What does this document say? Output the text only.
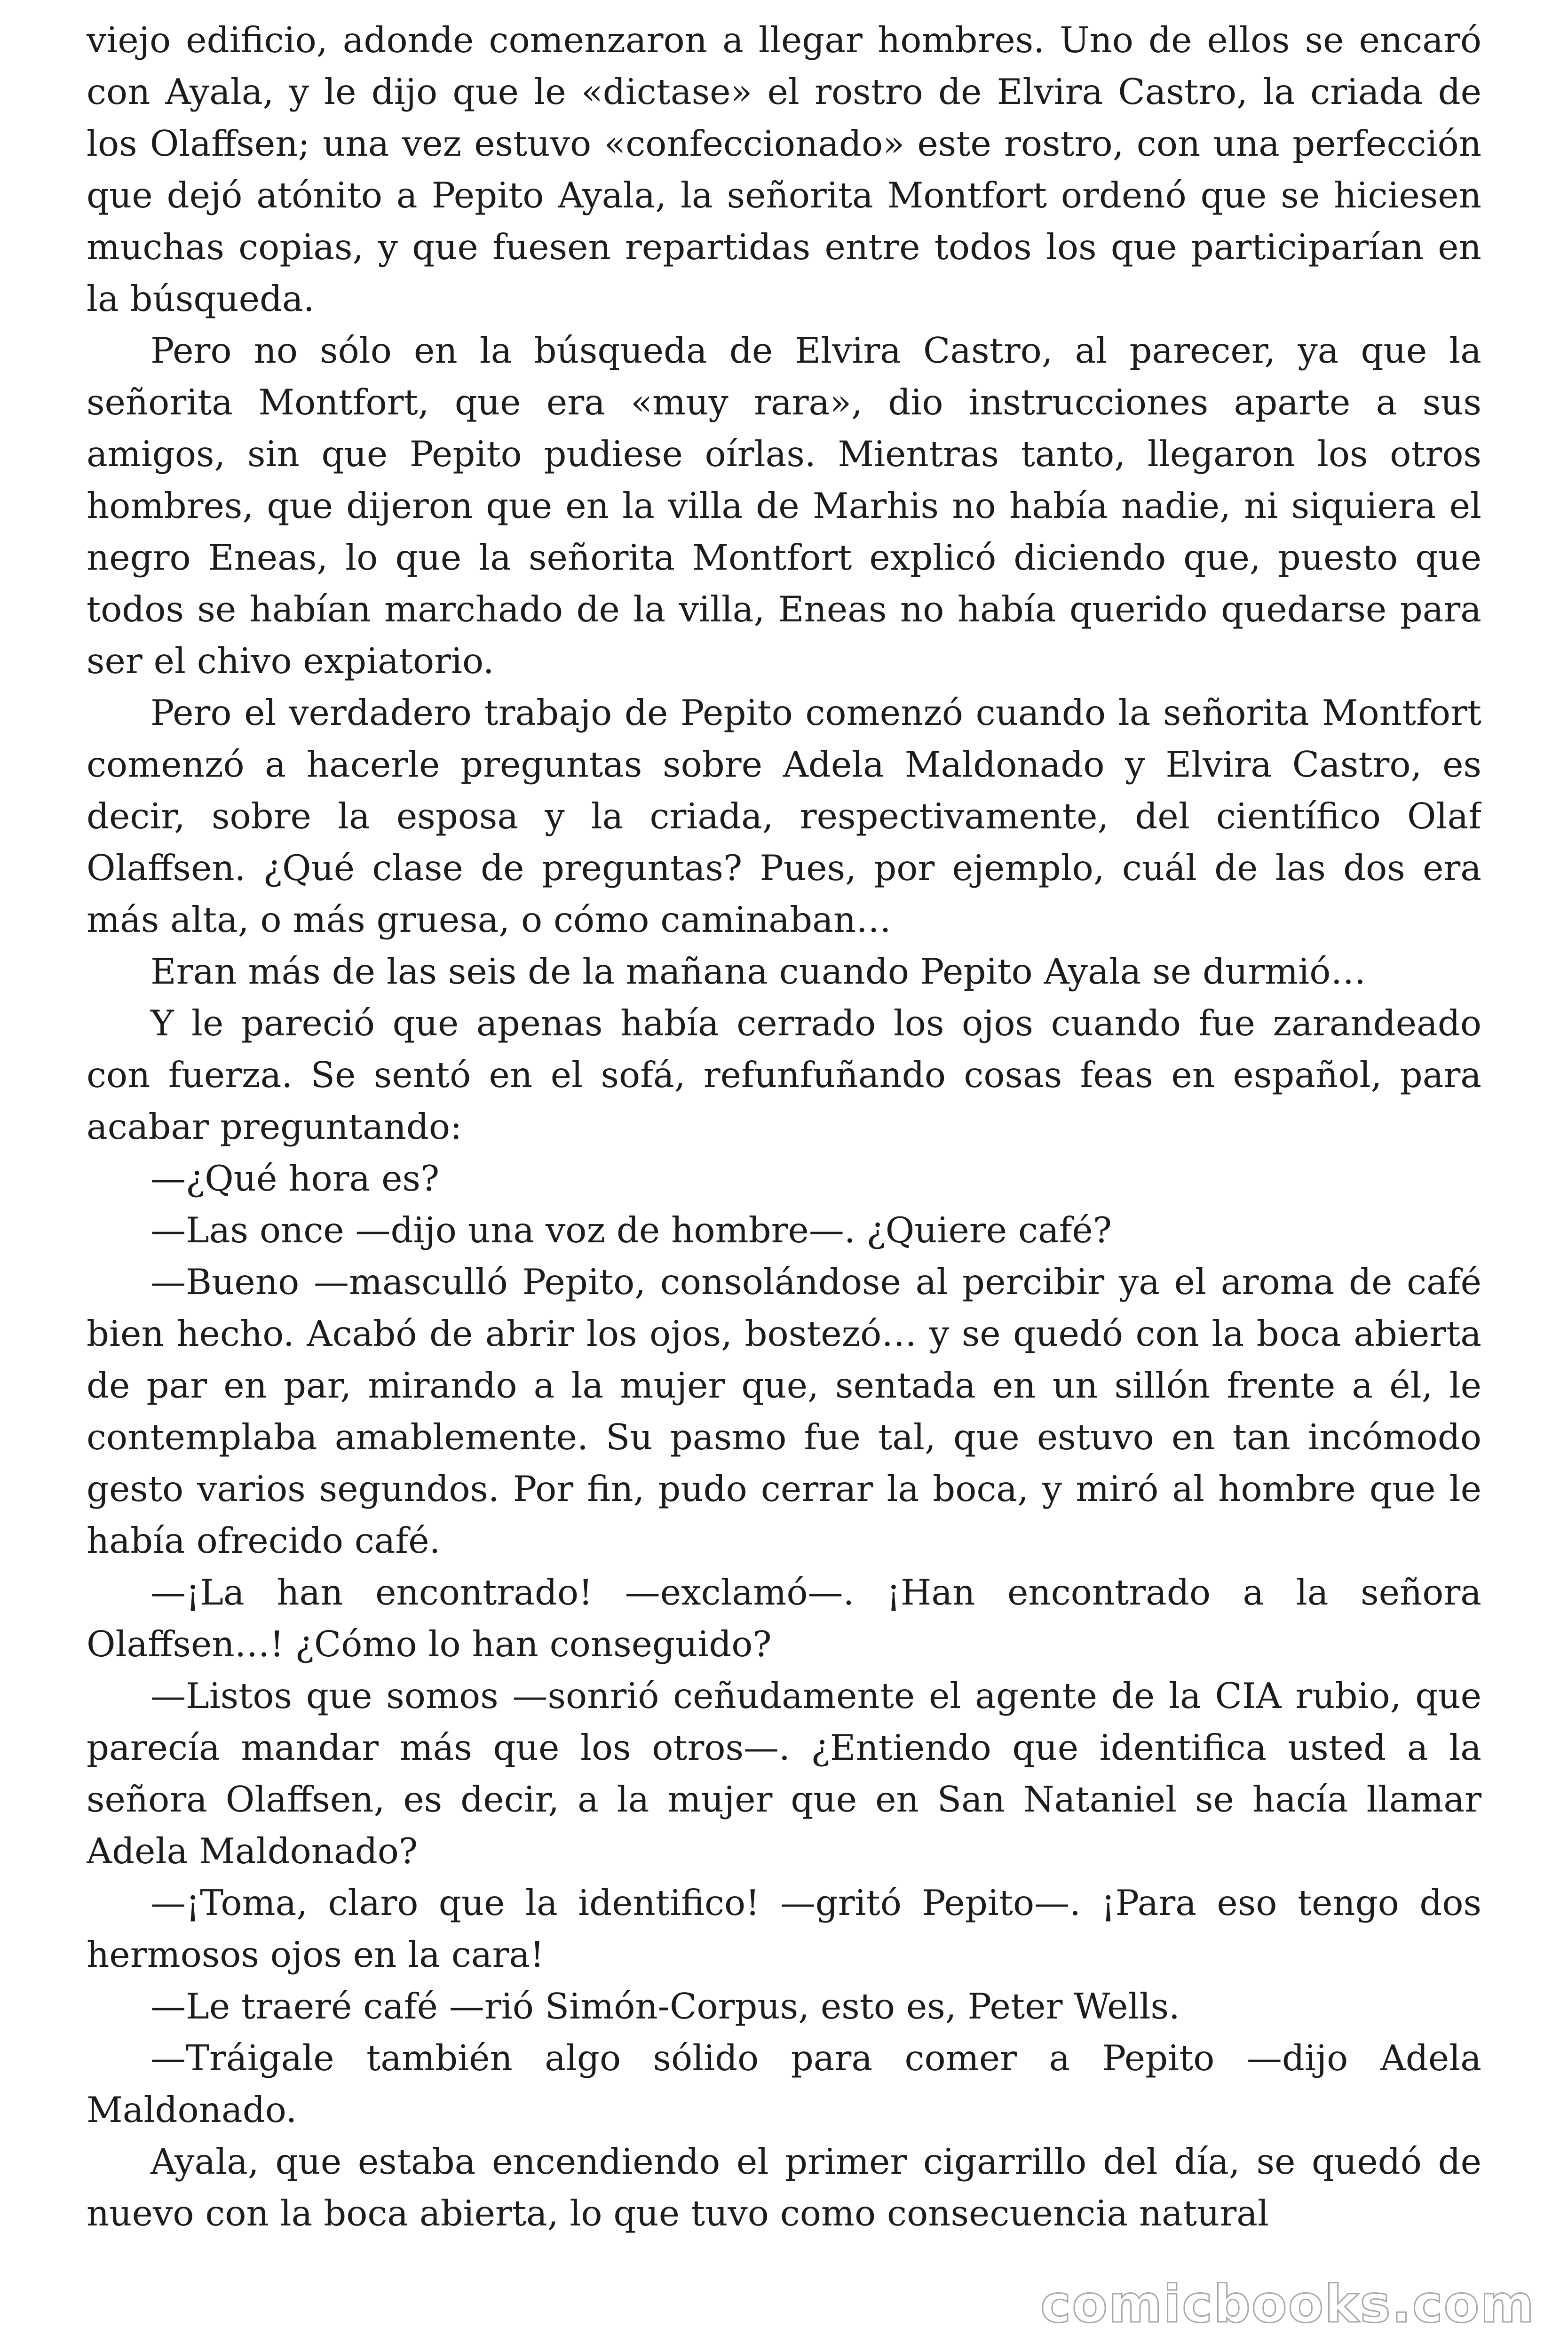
viejo edificio, adonde comenzaron a llegar hombres. Uno de ellos se encaró con Ayala, y le dijo que le «dictase» el rostro de Elvira Castro, la criada de los Olaffsen; una vez estuvo «confeccionado» este rostro, con una perfección que dejó atónito a Pepito Ayala, la señorita Montfort ordenó que se hiciesen muchas copias, y que fuesen repartidas entre todos los que participarían en la búsqueda.

Pero no sólo en la búsqueda de Elvira Castro, al parecer, ya que la señorita Montfort, que era «muy rara», dio instrucciones aparte a sus amigos, sin que Pepito pudiese oírlas. Mientras tanto, llegaron los otros hombres, que dijeron que en la villa de Marhis no había nadie, ni siquiera el negro Eneas, lo que la señorita Montfort explicó diciendo que, puesto que todos se habían marchado de la villa, Eneas no había querido quedarse para ser el chivo expiatorio.

Pero el verdadero trabajo de Pepito comenzó cuando la señorita Montfort comenzó a hacerle preguntas sobre Adela Maldonado y Elvira Castro, es decir, sobre la esposa y la criada, respectivamente, del científico Olaf Olaffsen. ¿Qué clase de preguntas? Pues, por ejemplo, cuál de las dos era más alta, o más gruesa, o cómo caminaban…

Eran más de las seis de la mañana cuando Pepito Ayala se durmió…

Y le pareció que apenas había cerrado los ojos cuando fue zarandeado con fuerza. Se sentó en el sofá, refunfuñando cosas feas en español, para acabar preguntando:

—¿Qué hora es?

—Las once —dijo una voz de hombre—. ¿Quiere café?

—Bueno —masculló Pepito, consolándose al percibir ya el aroma de café bien hecho. Acabó de abrir los ojos, bostezó… y se quedó con la boca abierta de par en par, mirando a la mujer que, sentada en un sillón frente a él, le contemplaba amablemente. Su pasmo fue tal, que estuvo en tan incómodo gesto varios segundos. Por fin, pudo cerrar la boca, y miró al hombre que le había ofrecido café.

—¡La han encontrado! —exclamó—. ¡Han encontrado a la señora Olaffsen…! ¿Cómo lo han conseguido?

—Listos que somos —sonrió ceñudamente el agente de la CIA rubio, que parecía mandar más que los otros—. ¿Entiendo que identifica usted a la señora Olaffsen, es decir, a la mujer que en San Nataniel se hacía llamar Adela Maldonado?

—¡Toma, claro que la identifico! —gritó Pepito—. ¡Para eso tengo dos hermosos ojos en la cara!

—Le traeré café —rió Simón-Corpus, esto es, Peter Wells.

—Tráigale también algo sólido para comer a Pepito —dijo Adela Maldonado.

Ayala, que estaba encendiendo el primer cigarrillo del día, se quedó de nuevo con la boca abierta, lo que tuvo como consecuencia natural

comicbooks.com
